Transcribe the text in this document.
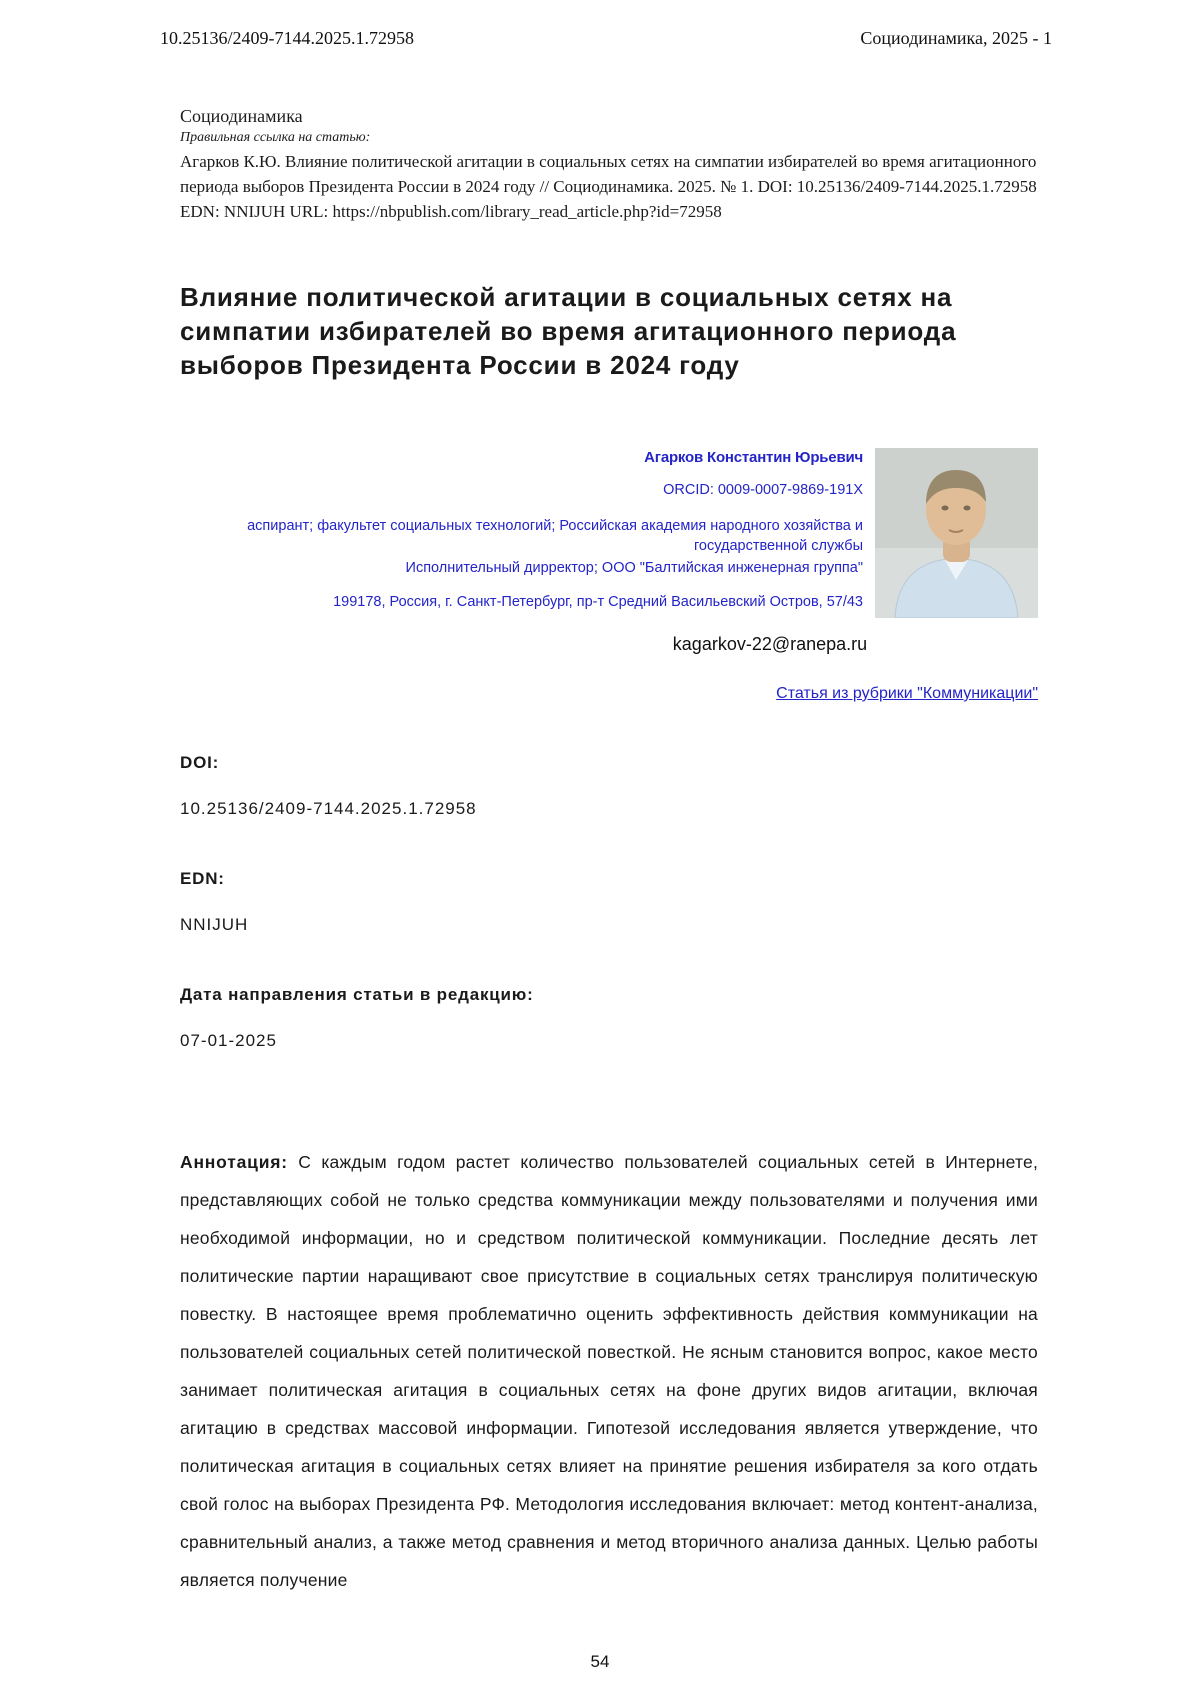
10.25136/2409-7144.2025.1.72958	Социодинамика, 2025 - 1
Социодинамика
Правильная ссылка на статью:

Агарков К.Ю. Влияние политической агитации в социальных сетях на симпатии избирателей во время агитационного периода выборов Президента России в 2024 году // Социодинамика. 2025. № 1. DOI: 10.25136/2409-7144.2025.1.72958 EDN: NNIJUH URL: https://nbpublish.com/library_read_article.php?id=72958

Влияние политической агитации в социальных сетях на симпатии избирателей во время агитационного периода выборов Президента России в 2024 году
Агарков Константин Юрьевич
ORCID: 0009-0007-9869-191X
аспирант; факультет социальных технологий; Российская академия народного хозяйства и государственной службы
Исполнительный дирректор; ООО "Балтийская инженерная группа"
199178, Россия, г. Санкт-Петербург, пр-т Средний Васильевский Остров, 57/43
kagarkov-22@ranepa.ru
Статья из рубрики "Коммуникации"
DOI:
10.25136/2409-7144.2025.1.72958
EDN:
NNIJUH
Дата направления статьи в редакцию:
07-01-2025

Аннотация: С каждым годом растет количество пользователей социальных сетей в Интернете, представляющих собой не только средства коммуникации между пользователями и получения ими необходимой информации, но и средством политической коммуникации. Последние десять лет политические партии наращивают свое присутствие в социальных сетях транслируя политическую повестку. В настоящее время проблематично оценить эффективность действия коммуникации на пользователей социальных сетей политической повесткой. Не ясным становится вопрос, какое место занимает политическая агитация в социальных сетях на фоне других видов агитации, включая агитацию в средствах массовой информации. Гипотезой исследования является утверждение, что политическая агитация в социальных сетях влияет на принятие решения избирателя за кого отдать свой голос на выборах Президента РФ. Методология исследования включает: метод контент-анализа, сравнительный анализ, а также метод сравнения и метод вторичного анализа данных. Целью работы является получение

54
